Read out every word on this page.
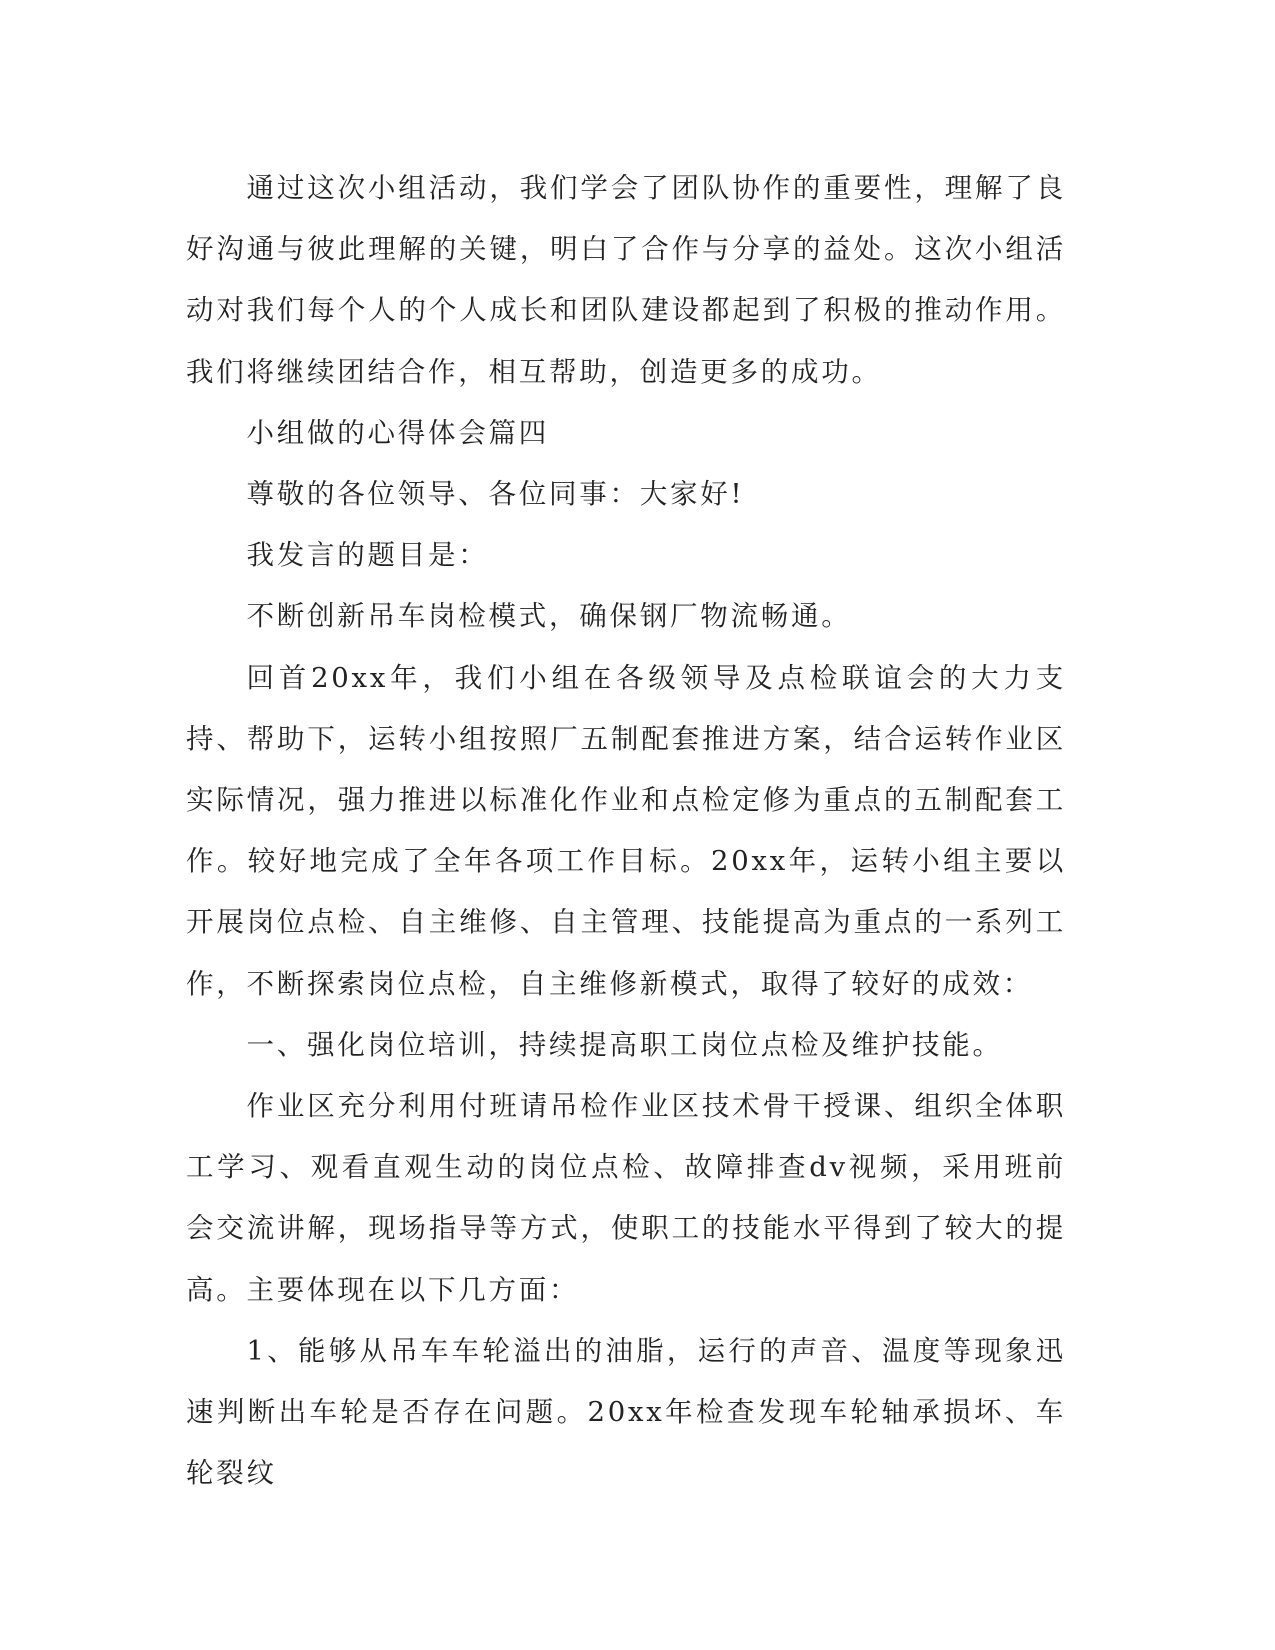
通过这次小组活动，我们学会了团队协作的重要性，理解了良好沟通与彼此理解的关键，明白了合作与分享的益处。这次小组活动对我们每个人的个人成长和团队建设都起到了积极的推动作用。我们将继续团结合作，相互帮助，创造更多的成功。

小组做的心得体会篇四

尊敬的各位领导、各位同事：大家好!

我发言的题目是：

不断创新吊车岗检模式，确保钢厂物流畅通。

回首20xx年，我们小组在各级领导及点检联谊会的大力支持、帮助下，运转小组按照厂五制配套推进方案，结合运转作业区实际情况，强力推进以标准化作业和点检定修为重点的五制配套工作。较好地完成了全年各项工作目标。20xx年，运转小组主要以开展岗位点检、自主维修、自主管理、技能提高为重点的一系列工作，不断探索岗位点检，自主维修新模式，取得了较好的成效：

一、强化岗位培训，持续提高职工岗位点检及维护技能。

作业区充分利用付班请吊检作业区技术骨干授课、组织全体职工学习、观看直观生动的岗位点检、故障排查dv视频，采用班前会交流讲解，现场指导等方式，使职工的技能水平得到了较大的提高。主要体现在以下几方面：

1、能够从吊车车轮溢出的油脂，运行的声音、温度等现象迅速判断出车轮是否存在问题。20xx年检查发现车轮轴承损坏、车轮裂纹
